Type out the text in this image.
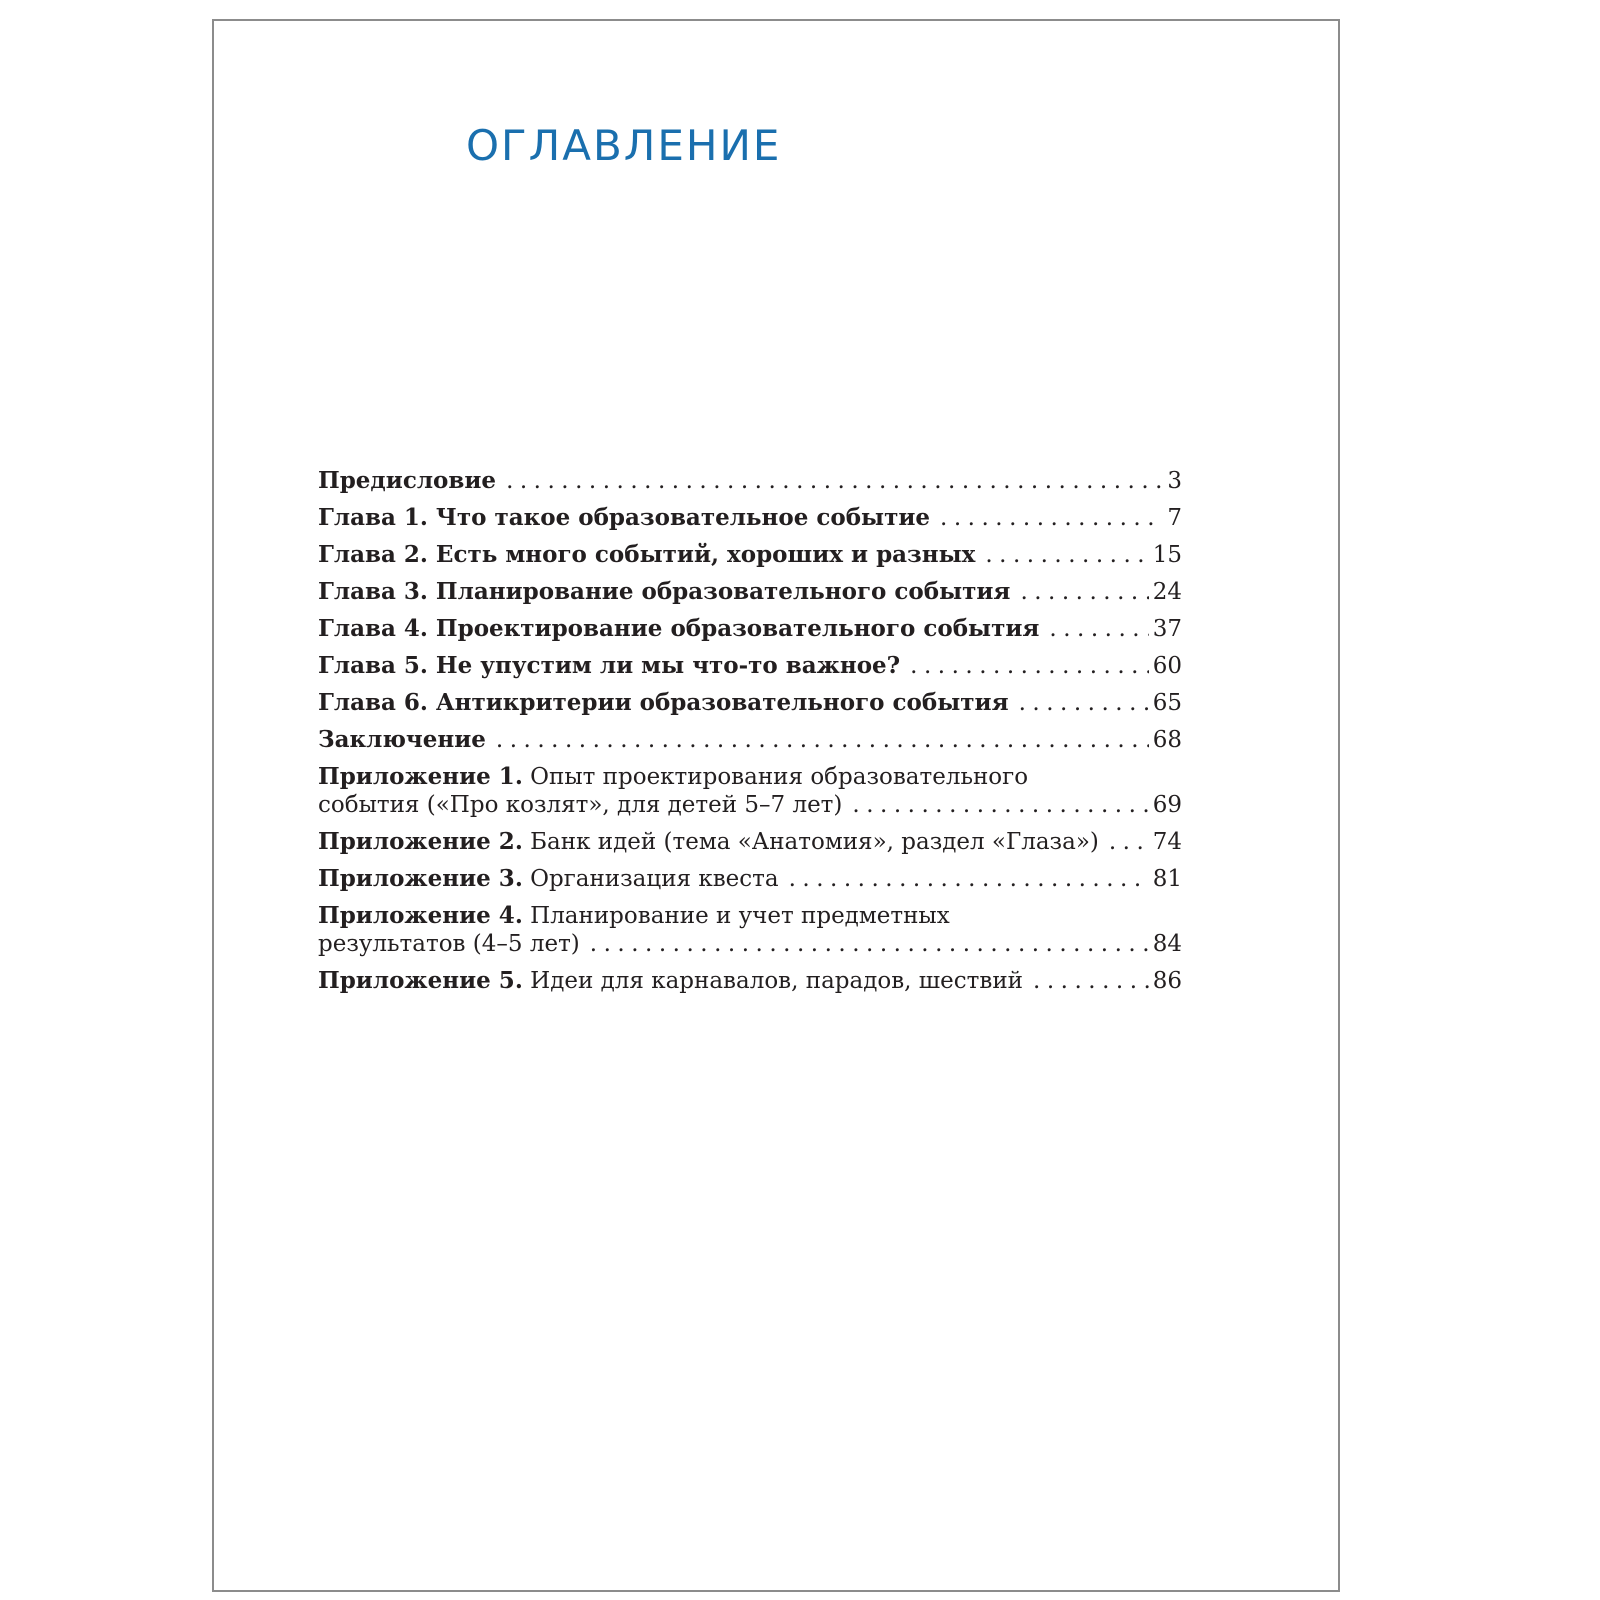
ОГЛАВЛЕНИЕ
Предисловие .....	3
Глава 1. Что такое образовательное событие .....	7
Глава 2. Есть много событий, хороших и разных .....	15
Глава 3. Планирование образовательного события .....	24
Глава 4. Проектирование образовательного события .....	37
Глава 5. Не упустим ли мы что-то важное? .....	60
Глава 6. Антикритерии образовательного события .....	65
Заключение .....	68
Приложение 1. Опыт проектирования образовательного
события («Про козлят», для детей 5–7 лет) .....	69
Приложение 2. Банк идей (тема «Анатомия», раздел «Глаза») ..... 74
Приложение 3. Организация квеста .....	81
Приложение 4. Планирование и учет предметных
результатов (4–5 лет) .....	84
Приложение 5. Идеи для карнавалов, парадов, шествий .....	86
